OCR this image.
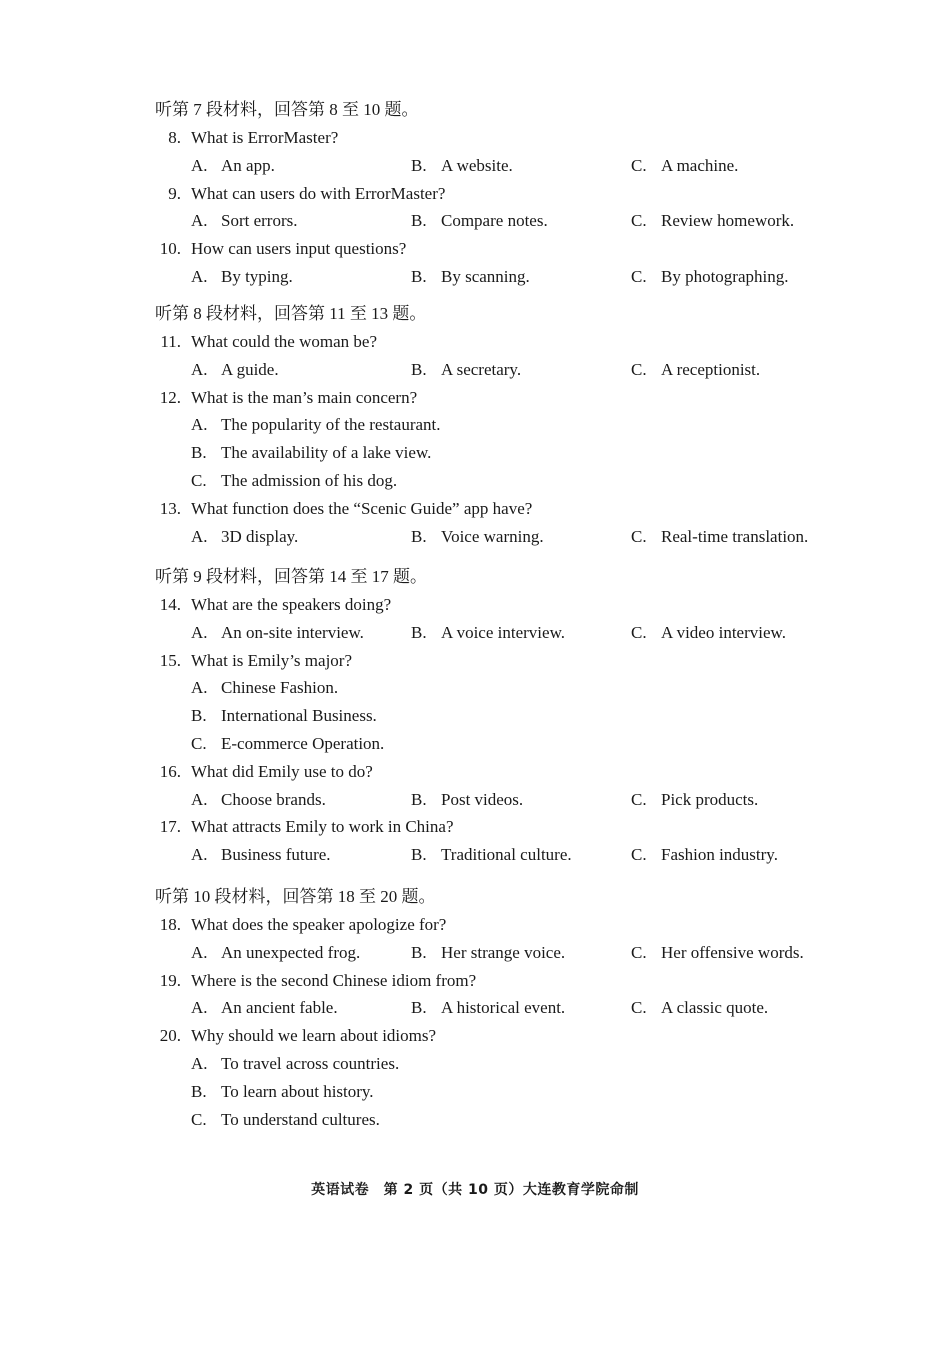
听第 7 段材料，回答第 8 至 10 题。
8. What is ErrorMaster?
A. An app.	B. A website.	C. A machine.
9. What can users do with ErrorMaster?
A. Sort errors.	B. Compare notes.	C. Review homework.
10. How can users input questions?
A. By typing.	B. By scanning.	C. By photographing.
听第 8 段材料，回答第 11 至 13 题。
11. What could the woman be?
A. A guide.	B. A secretary.	C. A receptionist.
12. What is the man’s main concern?
A. The popularity of the restaurant.
B. The availability of a lake view.
C. The admission of his dog.
13. What function does the “Scenic Guide” app have?
A. 3D display.	B. Voice warning.	C. Real-time translation.
听第 9 段材料，回答第 14 至 17 题。
14. What are the speakers doing?
A. An on-site interview.	B. A voice interview.	C. A video interview.
15. What is Emily’s major?
A. Chinese Fashion.
B. International Business.
C. E-commerce Operation.
16. What did Emily use to do?
A. Choose brands.	B. Post videos.	C. Pick products.
17. What attracts Emily to work in China?
A. Business future.	B. Traditional culture.	C. Fashion industry.
听第 10 段材料，回答第 18 至 20 题。
18. What does the speaker apologize for?
A. An unexpected frog.	B. Her strange voice.	C. Her offensive words.
19. Where is the second Chinese idiom from?
A. An ancient fable.	B. A historical event.	C. A classic quote.
20. Why should we learn about idioms?
A. To travel across countries.
B. To learn about history.
C. To understand cultures.
英语试卷　第 2 页（共 10 页）大连教育学院命制
